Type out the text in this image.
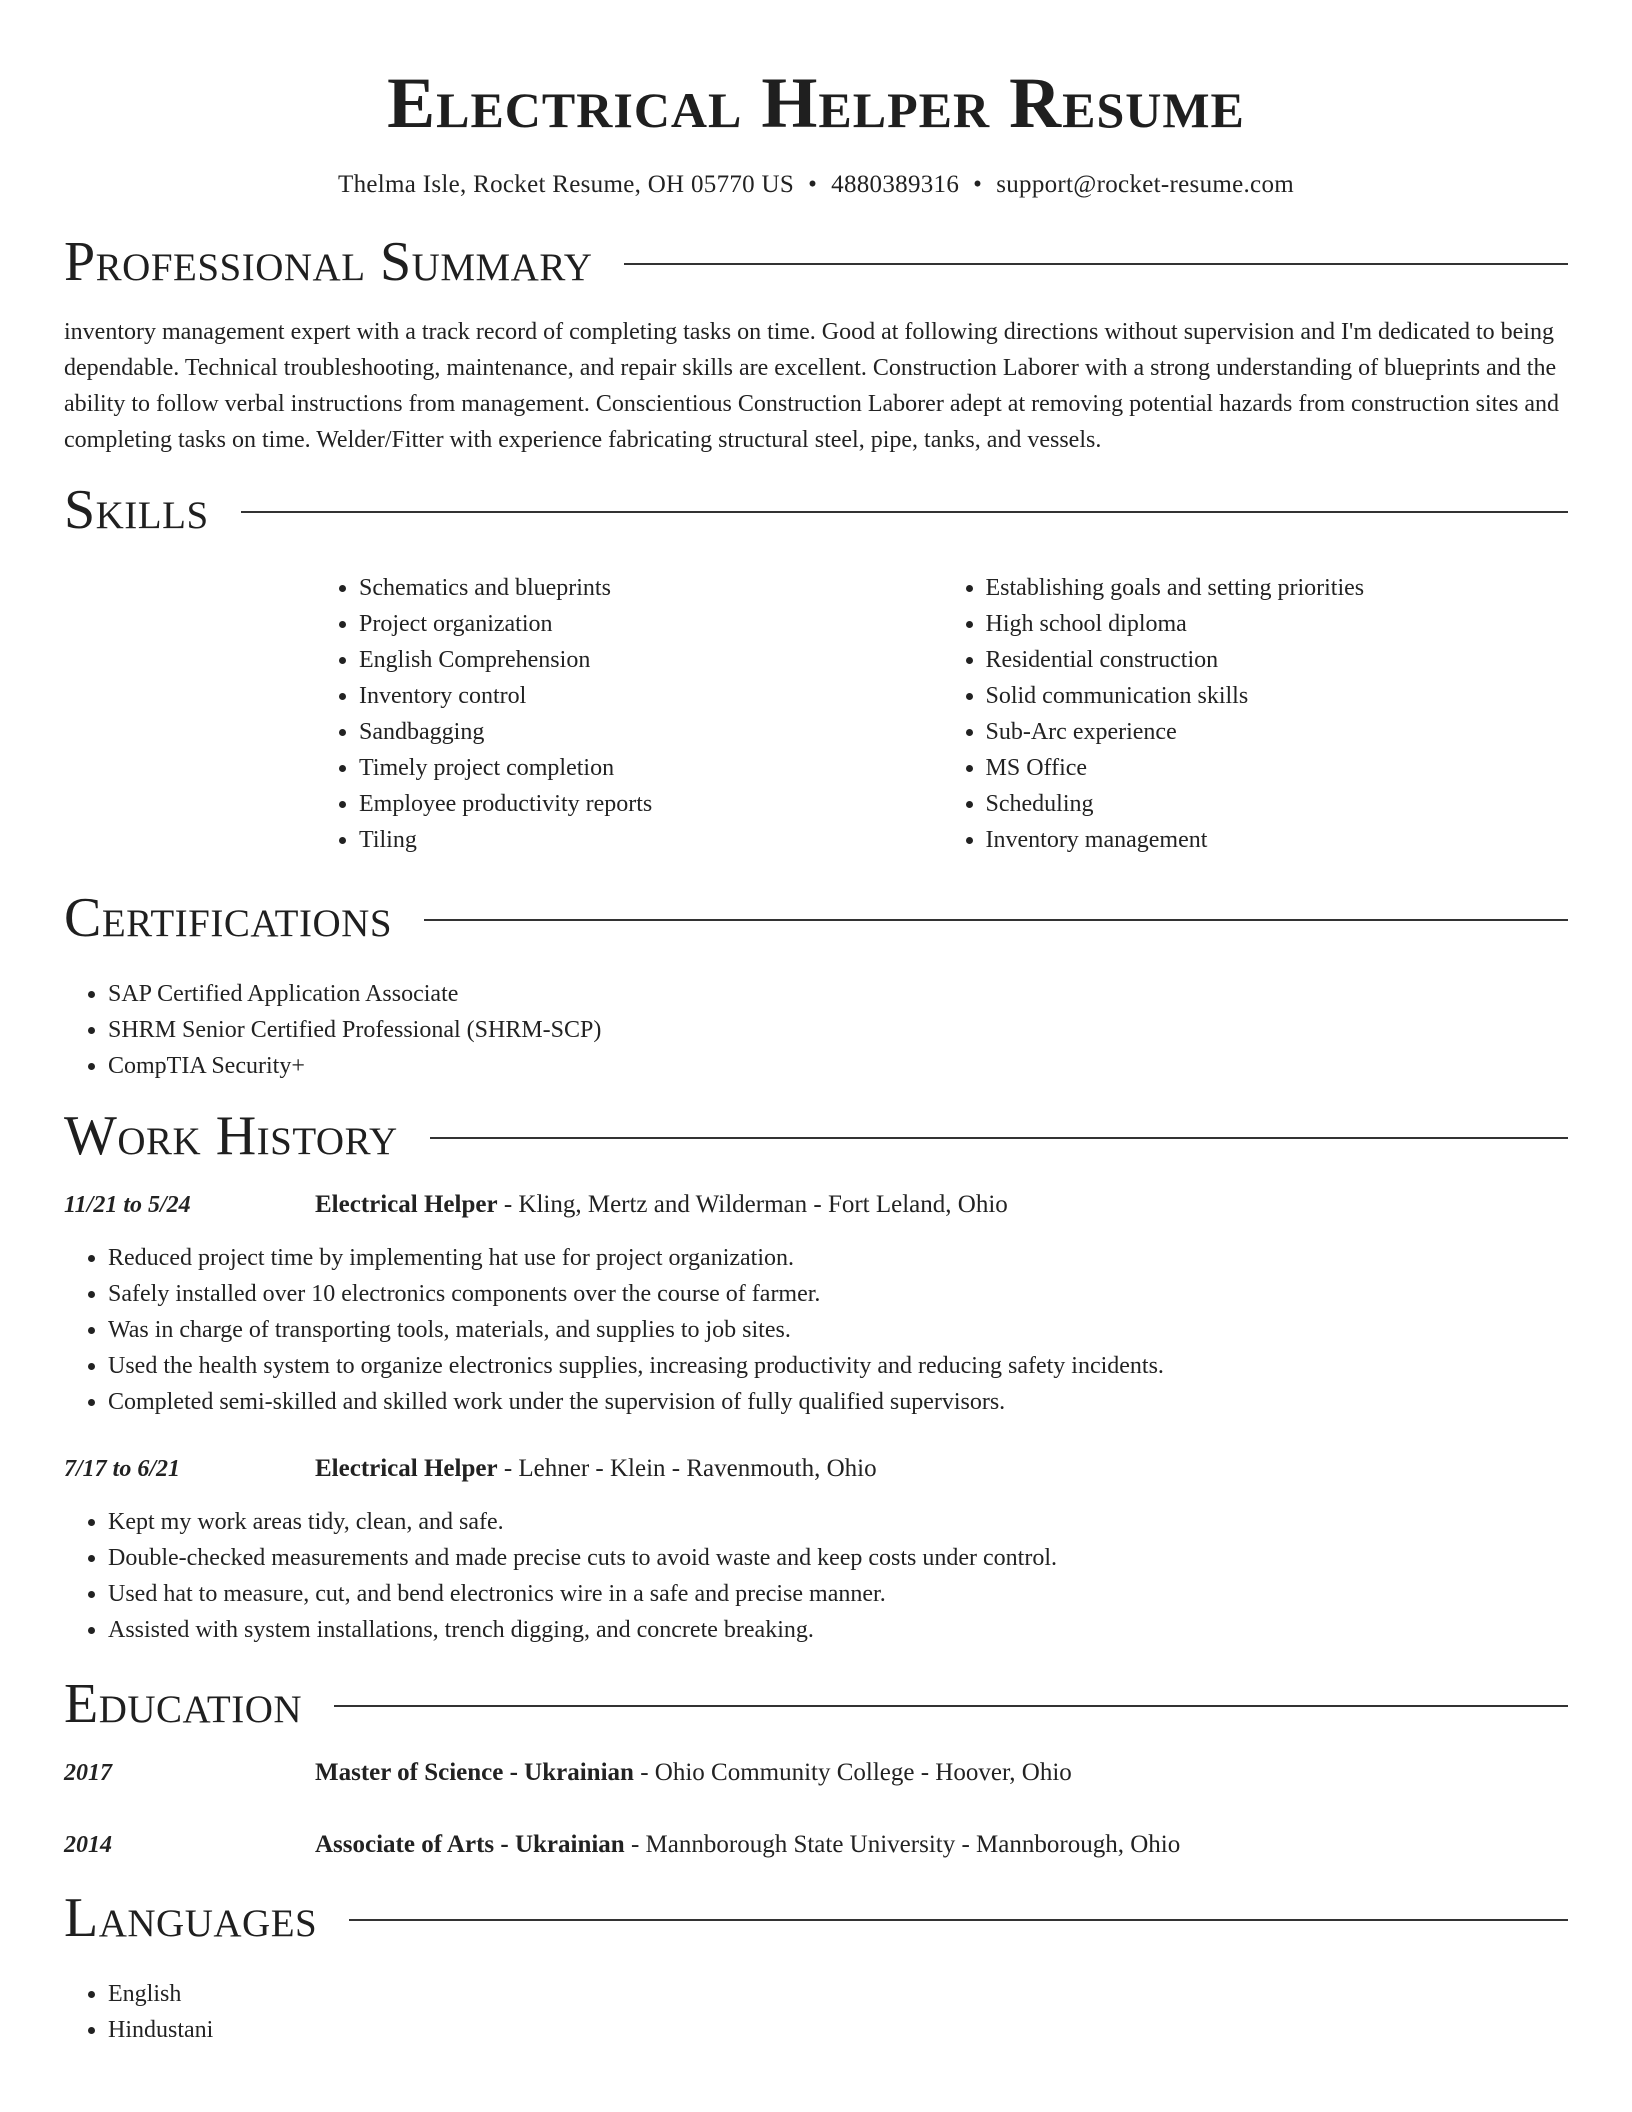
Electrical Helper Resume
Thelma Isle, Rocket Resume, OH 05770 US • 4880389316 • support@rocket-resume.com
Professional Summary

inventory management expert with a track record of completing tasks on time. Good at following directions without supervision and I'm dedicated to being dependable. Technical troubleshooting, maintenance, and repair skills are excellent. Construction Laborer with a strong understanding of blueprints and the ability to follow verbal instructions from management. Conscientious Construction Laborer adept at removing potential hazards from construction sites and completing tasks on time. Welder/Fitter with experience fabricating structural steel, pipe, tanks, and vessels.

Skills
• Schematics and blueprints
• Project organization
• English Comprehension
• Inventory control
• Sandbagging
• Timely project completion
• Employee productivity reports
• Tiling
• Establishing goals and setting priorities
• High school diploma
• Residential construction
• Solid communication skills
• Sub-Arc experience
• MS Office
• Scheduling
• Inventory management
Certifications
• SAP Certified Application Associate
• SHRM Senior Certified Professional (SHRM-SCP)
• CompTIA Security+
Work History
11/21 to 5/24	Electrical Helper - Kling, Mertz and Wilderman - Fort Leland, Ohio
• Reduced project time by implementing hat use for project organization.
• Safely installed over 10 electronics components over the course of farmer.
• Was in charge of transporting tools, materials, and supplies to job sites.
• Used the health system to organize electronics supplies, increasing productivity and reducing safety incidents.
• Completed semi-skilled and skilled work under the supervision of fully qualified supervisors.
7/17 to 6/21	Electrical Helper - Lehner - Klein - Ravenmouth, Ohio
• Kept my work areas tidy, clean, and safe.
• Double-checked measurements and made precise cuts to avoid waste and keep costs under control.
• Used hat to measure, cut, and bend electronics wire in a safe and precise manner.
• Assisted with system installations, trench digging, and concrete breaking.
Education
2017	Master of Science - Ukrainian - Ohio Community College - Hoover, Ohio
2014	Associate of Arts - Ukrainian - Mannborough State University - Mannborough, Ohio
Languages
• English
• Hindustani
